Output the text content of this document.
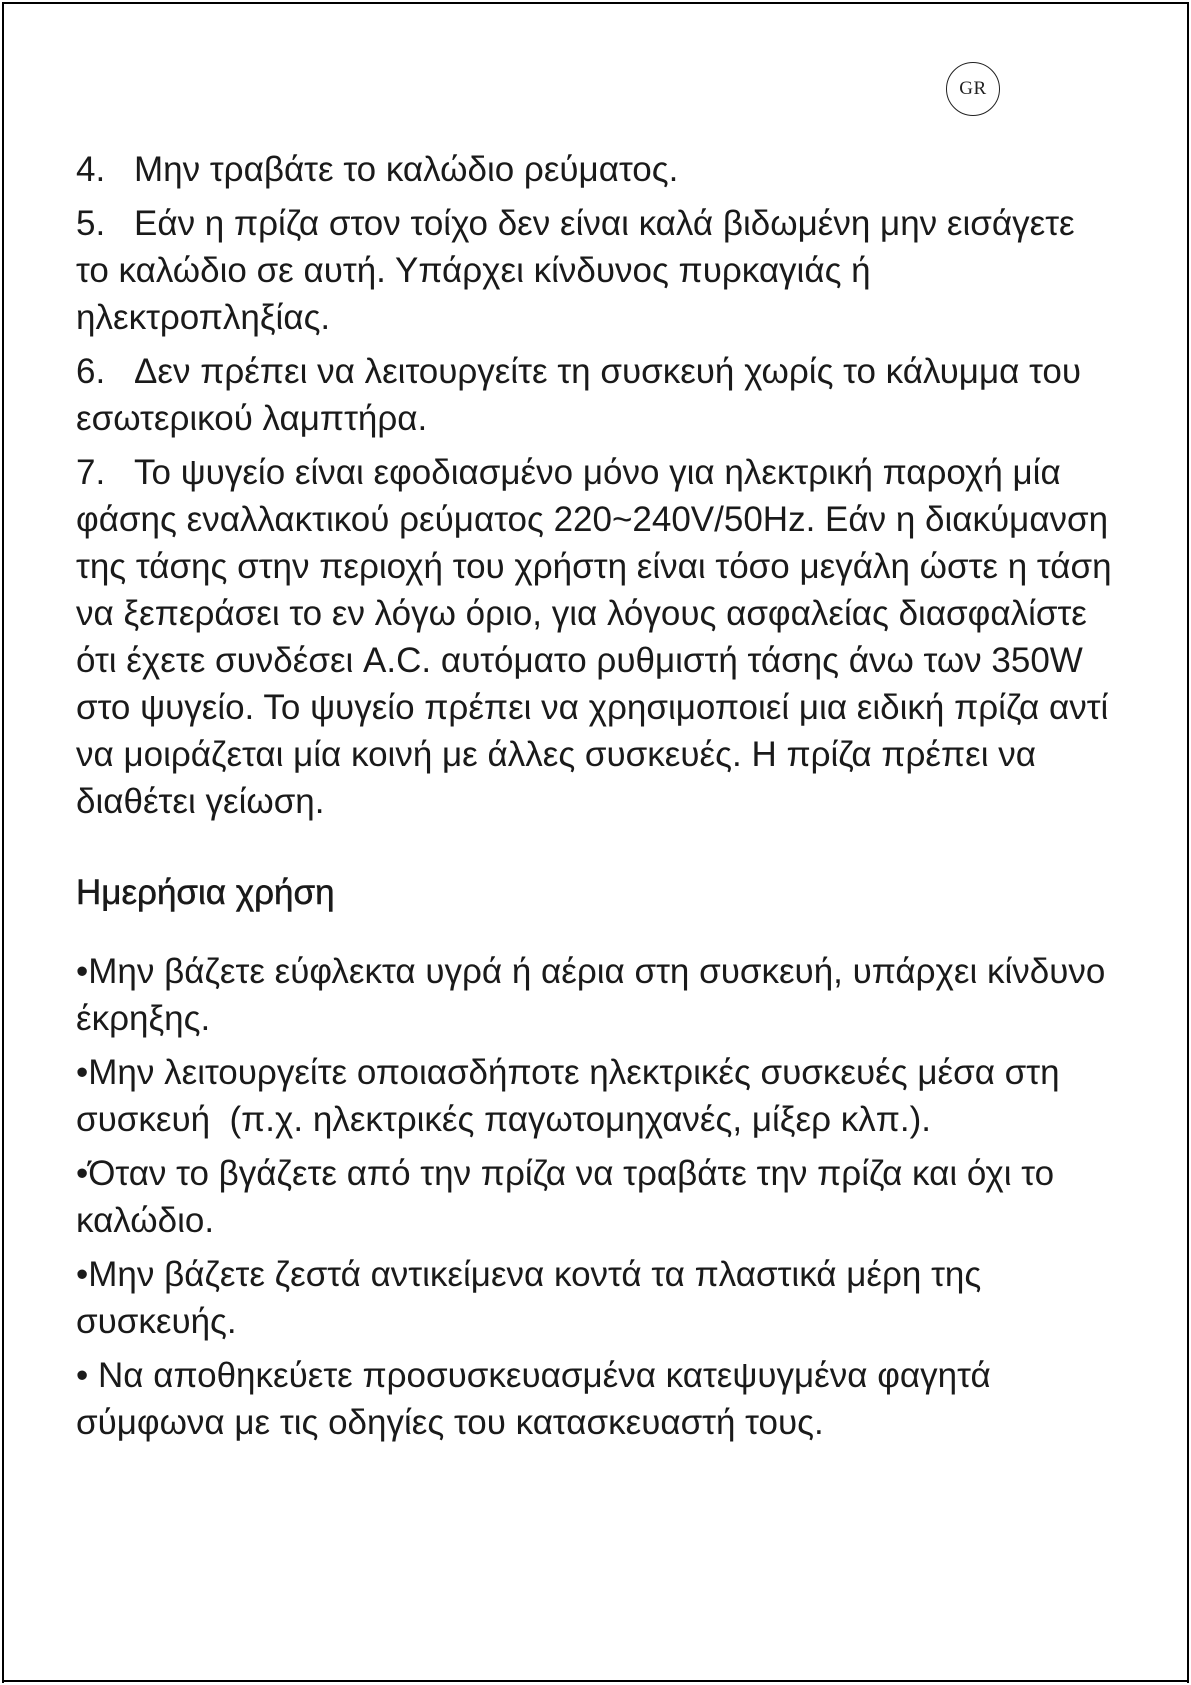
GR
4. Μην τραβάτε το καλώδιο ρεύματος.
5. Εάν η πρίζα στον τοίχο δεν είναι καλά βιδωμένη μην εισάγετε το καλώδιο σε αυτή. Υπάρχει κίνδυνος πυρκαγιάς ή ηλεκτροπληξίας.
6. Δεν πρέπει να λειτουργείτε τη συσκευή χωρίς το κάλυμμα του εσωτερικού λαμπτήρα.
7. Το ψυγείο είναι εφοδιασμένο μόνο για ηλεκτρική παροχή μία φάσης εναλλακτικού ρεύματος 220~240V/50Hz. Εάν η διακύμανση της τάσης στην περιοχή του χρήστη είναι τόσο μεγάλη ώστε η τάση να ξεπεράσει το εν λόγω όριο, για λόγους ασφαλείας διασφαλίστε ότι έχετε συνδέσει A.C. αυτόματο ρυθμιστή τάσης άνω των 350W στο ψυγείο. Το ψυγείο πρέπει να χρησιμοποιεί μια ειδική πρίζα αντί να μοιράζεται μία κοινή με άλλες συσκευές. Η πρίζα πρέπει να διαθέτει γείωση.
Ημερήσια χρήση
•Μην βάζετε εύφλεκτα υγρά ή αέρια στη συσκευή, υπάρχει κίνδυνο έκρηξης.
•Μην λειτουργείτε οποιασδήποτε ηλεκτρικές συσκευές μέσα στη συσκευή  (π.χ. ηλεκτρικές παγωτομηχανές, μίξερ κλπ.).
•Όταν το βγάζετε από την πρίζα να τραβάτε την πρίζα και όχι το καλώδιο.
•Μην βάζετε ζεστά αντικείμενα κοντά τα πλαστικά μέρη της συσκευής.
• Να αποθηκεύετε προσυσκευασμένα κατεψυγμένα φαγητά σύμφωνα με τις οδηγίες του κατασκευαστή τους.
